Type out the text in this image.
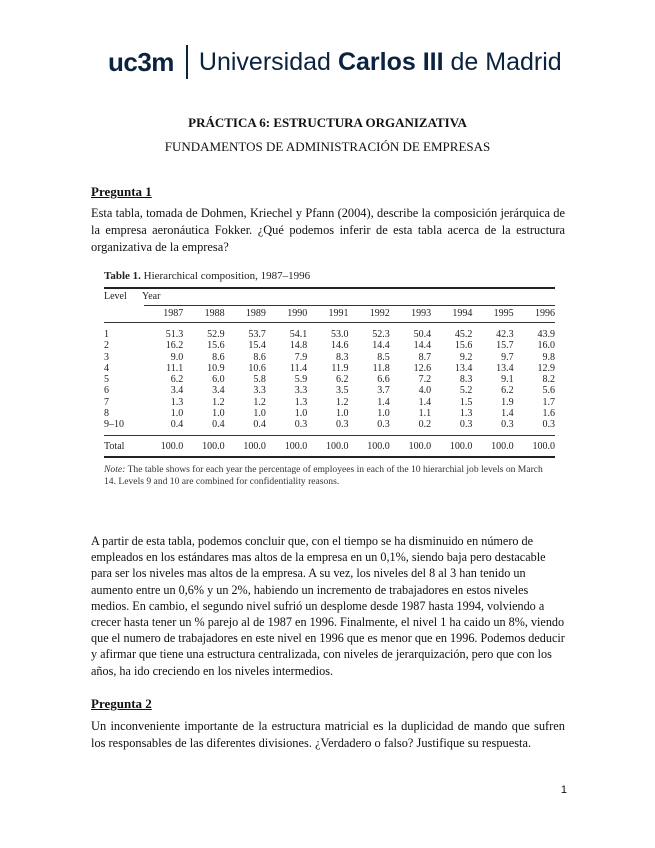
uc3m Universidad Carlos III de Madrid
PRÁCTICA 6: ESTRUCTURA ORGANIZATIVA
FUNDAMENTOS DE ADMINISTRACIÓN DE EMPRESAS
Pregunta 1
Esta tabla, tomada de Dohmen, Kriechel y Pfann (2004), describe la composición jerárquica de la empresa aeronáutica Fokker. ¿Qué podemos inferir de esta tabla acerca de la estructura organizativa de la empresa?
Table 1. Hierarchical composition, 1987–1996
Level	Year
	1987	1988	1989	1990	1991	1992	1993	1994	1995	1996
1	51.3	52.9	53.7	54.1	53.0	52.3	50.4	45.2	42.3	43.9
2	16.2	15.6	15.4	14.8	14.6	14.4	14.4	15.6	15.7	16.0
3	9.0	8.6	8.6	7.9	8.3	8.5	8.7	9.2	9.7	9.8
4	11.1	10.9	10.6	11.4	11.9	11.8	12.6	13.4	13.4	12.9
5	6.2	6.0	5.8	5.9	6.2	6.6	7.2	8.3	9.1	8.2
6	3.4	3.4	3.3	3.3	3.5	3.7	4.0	5.2	6.2	5.6
7	1.3	1.2	1.2	1.3	1.2	1.4	1.4	1.5	1.9	1.7
8	1.0	1.0	1.0	1.0	1.0	1.0	1.1	1.3	1.4	1.6
9–10	0.4	0.4	0.4	0.3	0.3	0.3	0.2	0.3	0.3	0.3
Total	100.0	100.0	100.0	100.0	100.0	100.0	100.0	100.0	100.0	100.0
Note: The table shows for each year the percentage of employees in each of the 10 hierarchial job levels on March 14. Levels 9 and 10 are combined for confidentiality reasons.
A partir de esta tabla, podemos concluir que, con el tiempo se ha disminuido en número de empleados en los estándares mas altos de la empresa en un 0,1%, siendo baja pero destacable para ser los niveles mas altos de la empresa. A su vez, los niveles del 8 al 3 han tenido un aumento entre un 0,6% y un 2%, habiendo un incremento de trabajadores en estos niveles medios. En cambio, el segundo nivel sufrió un desplome desde 1987 hasta 1994, volviendo a crecer hasta tener un % parejo al de 1987 en 1996. Finalmente, el nivel 1 ha caido un 8%, viendo que el numero de trabajadores en este nivel en 1996 que es menor que en 1996. Podemos deducir y afirmar que tiene una estructura centralizada, con niveles de jerarquización, pero que con los años, ha ido creciendo en los niveles intermedios.
Pregunta 2
Un inconveniente importante de la estructura matricial es la duplicidad de mando que sufren los responsables de las diferentes divisiones. ¿Verdadero o falso? Justifique su respuesta.
1
